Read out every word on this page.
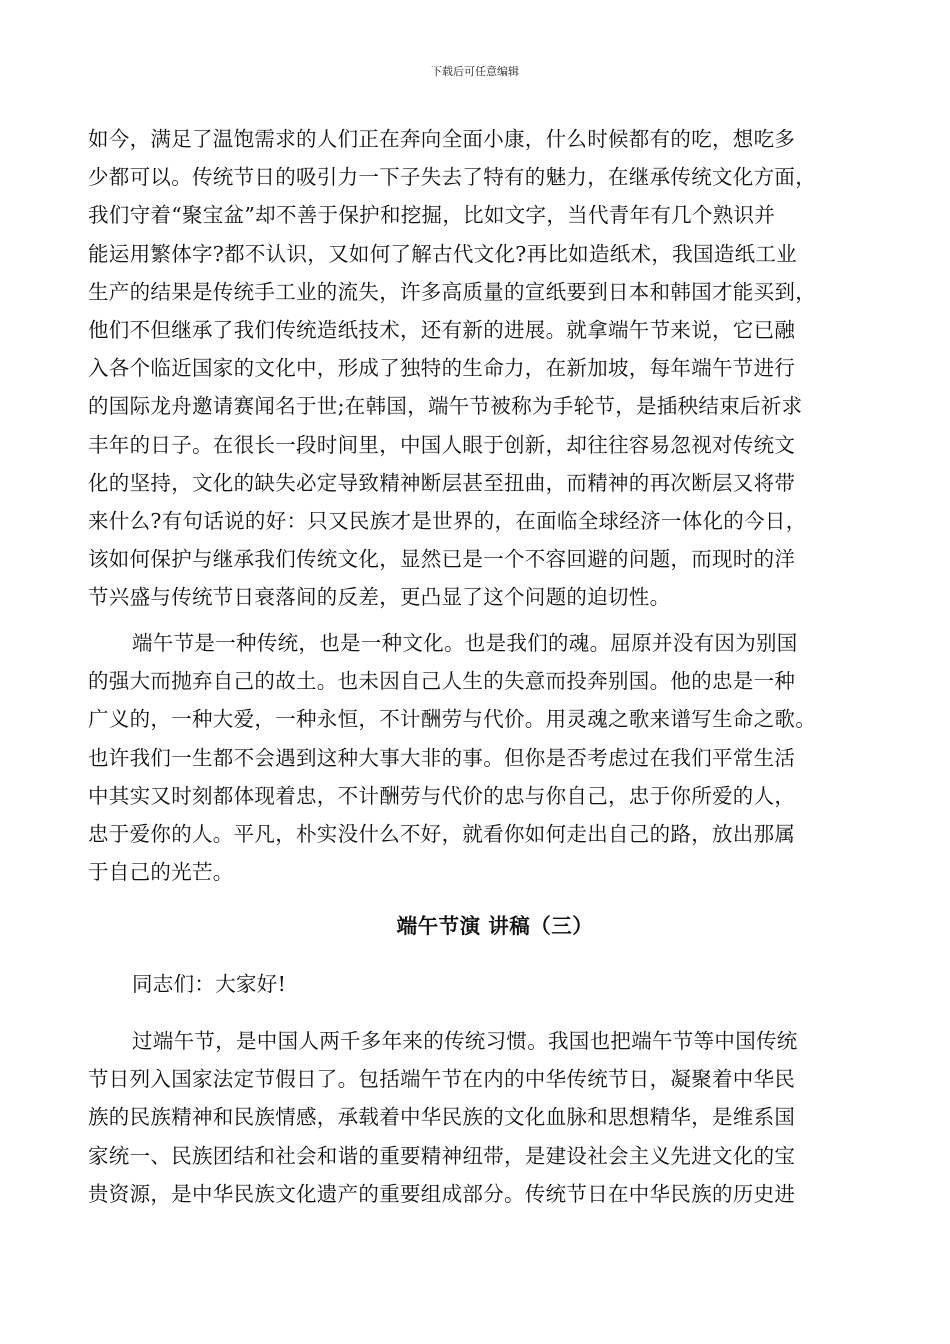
下载后可任意编辑
如今，满足了温饱需求的人们正在奔向全面小康，什么时候都有的吃，想吃多
少都可以。传统节日的吸引力一下子失去了特有的魅力，在继承传统文化方面，
我们守着“聚宝盆”却不善于保护和挖掘，比如文字，当代青年有几个熟识并
能运用繁体字?都不认识，又如何了解古代文化?再比如造纸术，我国造纸工业
生产的结果是传统手工业的流失，许多高质量的宣纸要到日本和韩国才能买到，
他们不但继承了我们传统造纸技术，还有新的进展。就拿端午节来说，它已融
入各个临近国家的文化中，形成了独特的生命力，在新加坡，每年端午节进行
的国际龙舟邀请赛闻名于世;在韩国，端午节被称为手轮节，是插秧结束后祈求
丰年的日子。在很长一段时间里，中国人眼于创新，却往往容易忽视对传统文
化的坚持，文化的缺失必定导致精神断层甚至扭曲，而精神的再次断层又将带
来什么?有句话说的好：只又民族才是世界的，在面临全球经济一体化的今日，
该如何保护与继承我们传统文化，显然已是一个不容回避的问题，而现时的洋
节兴盛与传统节日衰落间的反差，更凸显了这个问题的迫切性。
端午节是一种传统，也是一种文化。也是我们的魂。屈原并没有因为别国
的强大而抛弃自己的故土。也未因自己人生的失意而投奔别国。他的忠是一种
广义的，一种大爱，一种永恒，不计酬劳与代价。用灵魂之歌来谱写生命之歌。
也许我们一生都不会遇到这种大事大非的事。但你是否考虑过在我们平常生活
中其实又时刻都体现着忠，不计酬劳与代价的忠与你自己，忠于你所爱的人，
忠于爱你的人。平凡，朴实没什么不好，就看你如何走出自己的路，放出那属
于自己的光芒。
端午节演 讲稿（三）
同志们：大家好!
过端午节，是中国人两千多年来的传统习惯。我国也把端午节等中国传统
节日列入国家法定节假日了。包括端午节在内的中华传统节日，凝聚着中华民
族的民族精神和民族情感，承载着中华民族的文化血脉和思想精华，是维系国
家统一、民族团结和社会和谐的重要精神纽带，是建设社会主义先进文化的宝
贵资源，是中华民族文化遗产的重要组成部分。传统节日在中华民族的历史进
